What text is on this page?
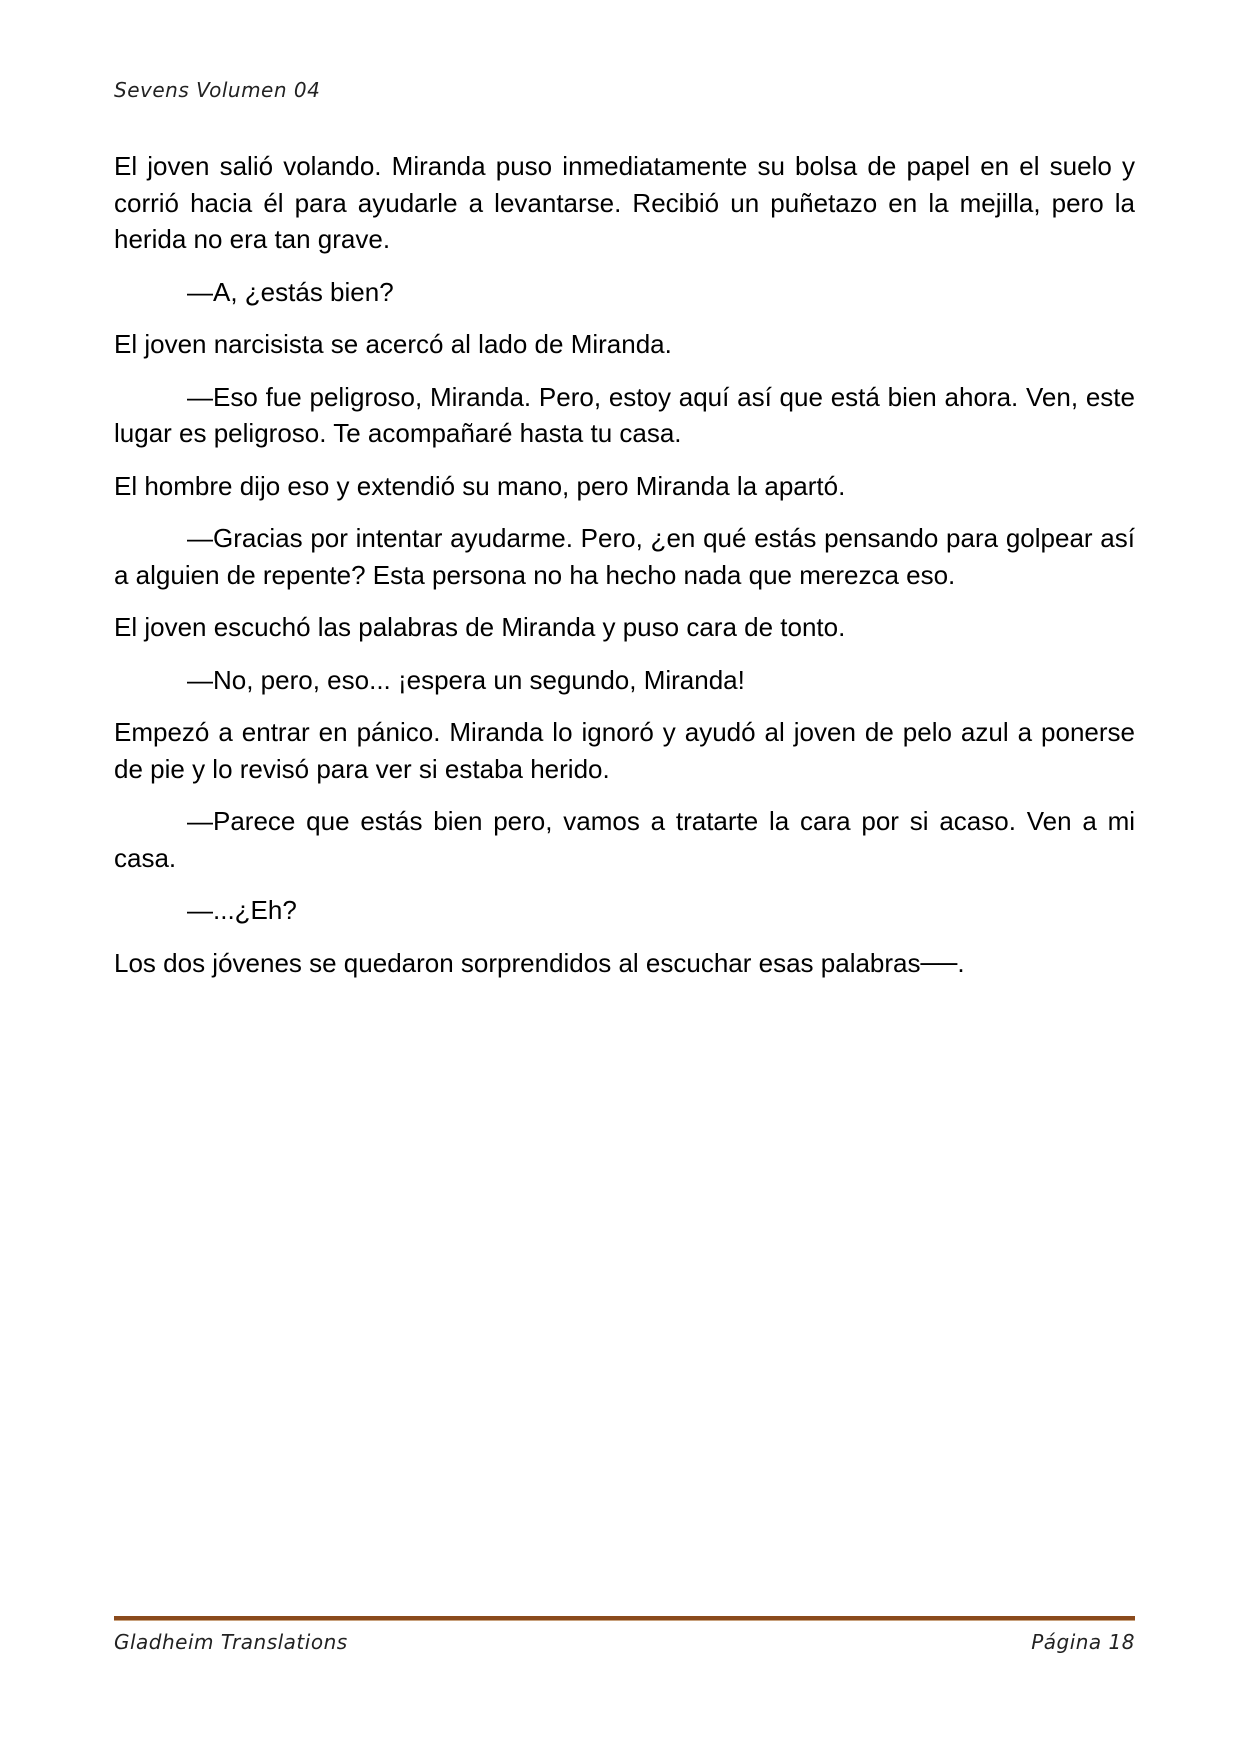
Sevens Volumen 04

El joven salió volando. Miranda puso inmediatamente su bolsa de papel en el suelo y corrió hacia él para ayudarle a levantarse. Recibió un puñetazo en la mejilla, pero la herida no era tan grave.

—A, ¿estás bien?

El joven narcisista se acercó al lado de Miranda.

—Eso fue peligroso, Miranda. Pero, estoy aquí así que está bien ahora. Ven, este lugar es peligroso. Te acompañaré hasta tu casa.

El hombre dijo eso y extendió su mano, pero Miranda la apartó.

—Gracias por intentar ayudarme. Pero, ¿en qué estás pensando para golpear así a alguien de repente? Esta persona no ha hecho nada que merezca eso.

El joven escuchó las palabras de Miranda y puso cara de tonto.

—No, pero, eso... ¡espera un segundo, Miranda!

Empezó a entrar en pánico. Miranda lo ignoró y ayudó al joven de pelo azul a ponerse de pie y lo revisó para ver si estaba herido.

—Parece que estás bien pero, vamos a tratarte la cara por si acaso. Ven a mi casa.

—...¿Eh?

Los dos jóvenes se quedaron sorprendidos al escuchar esas palabras──.

Gladheim Translations	Página 18
